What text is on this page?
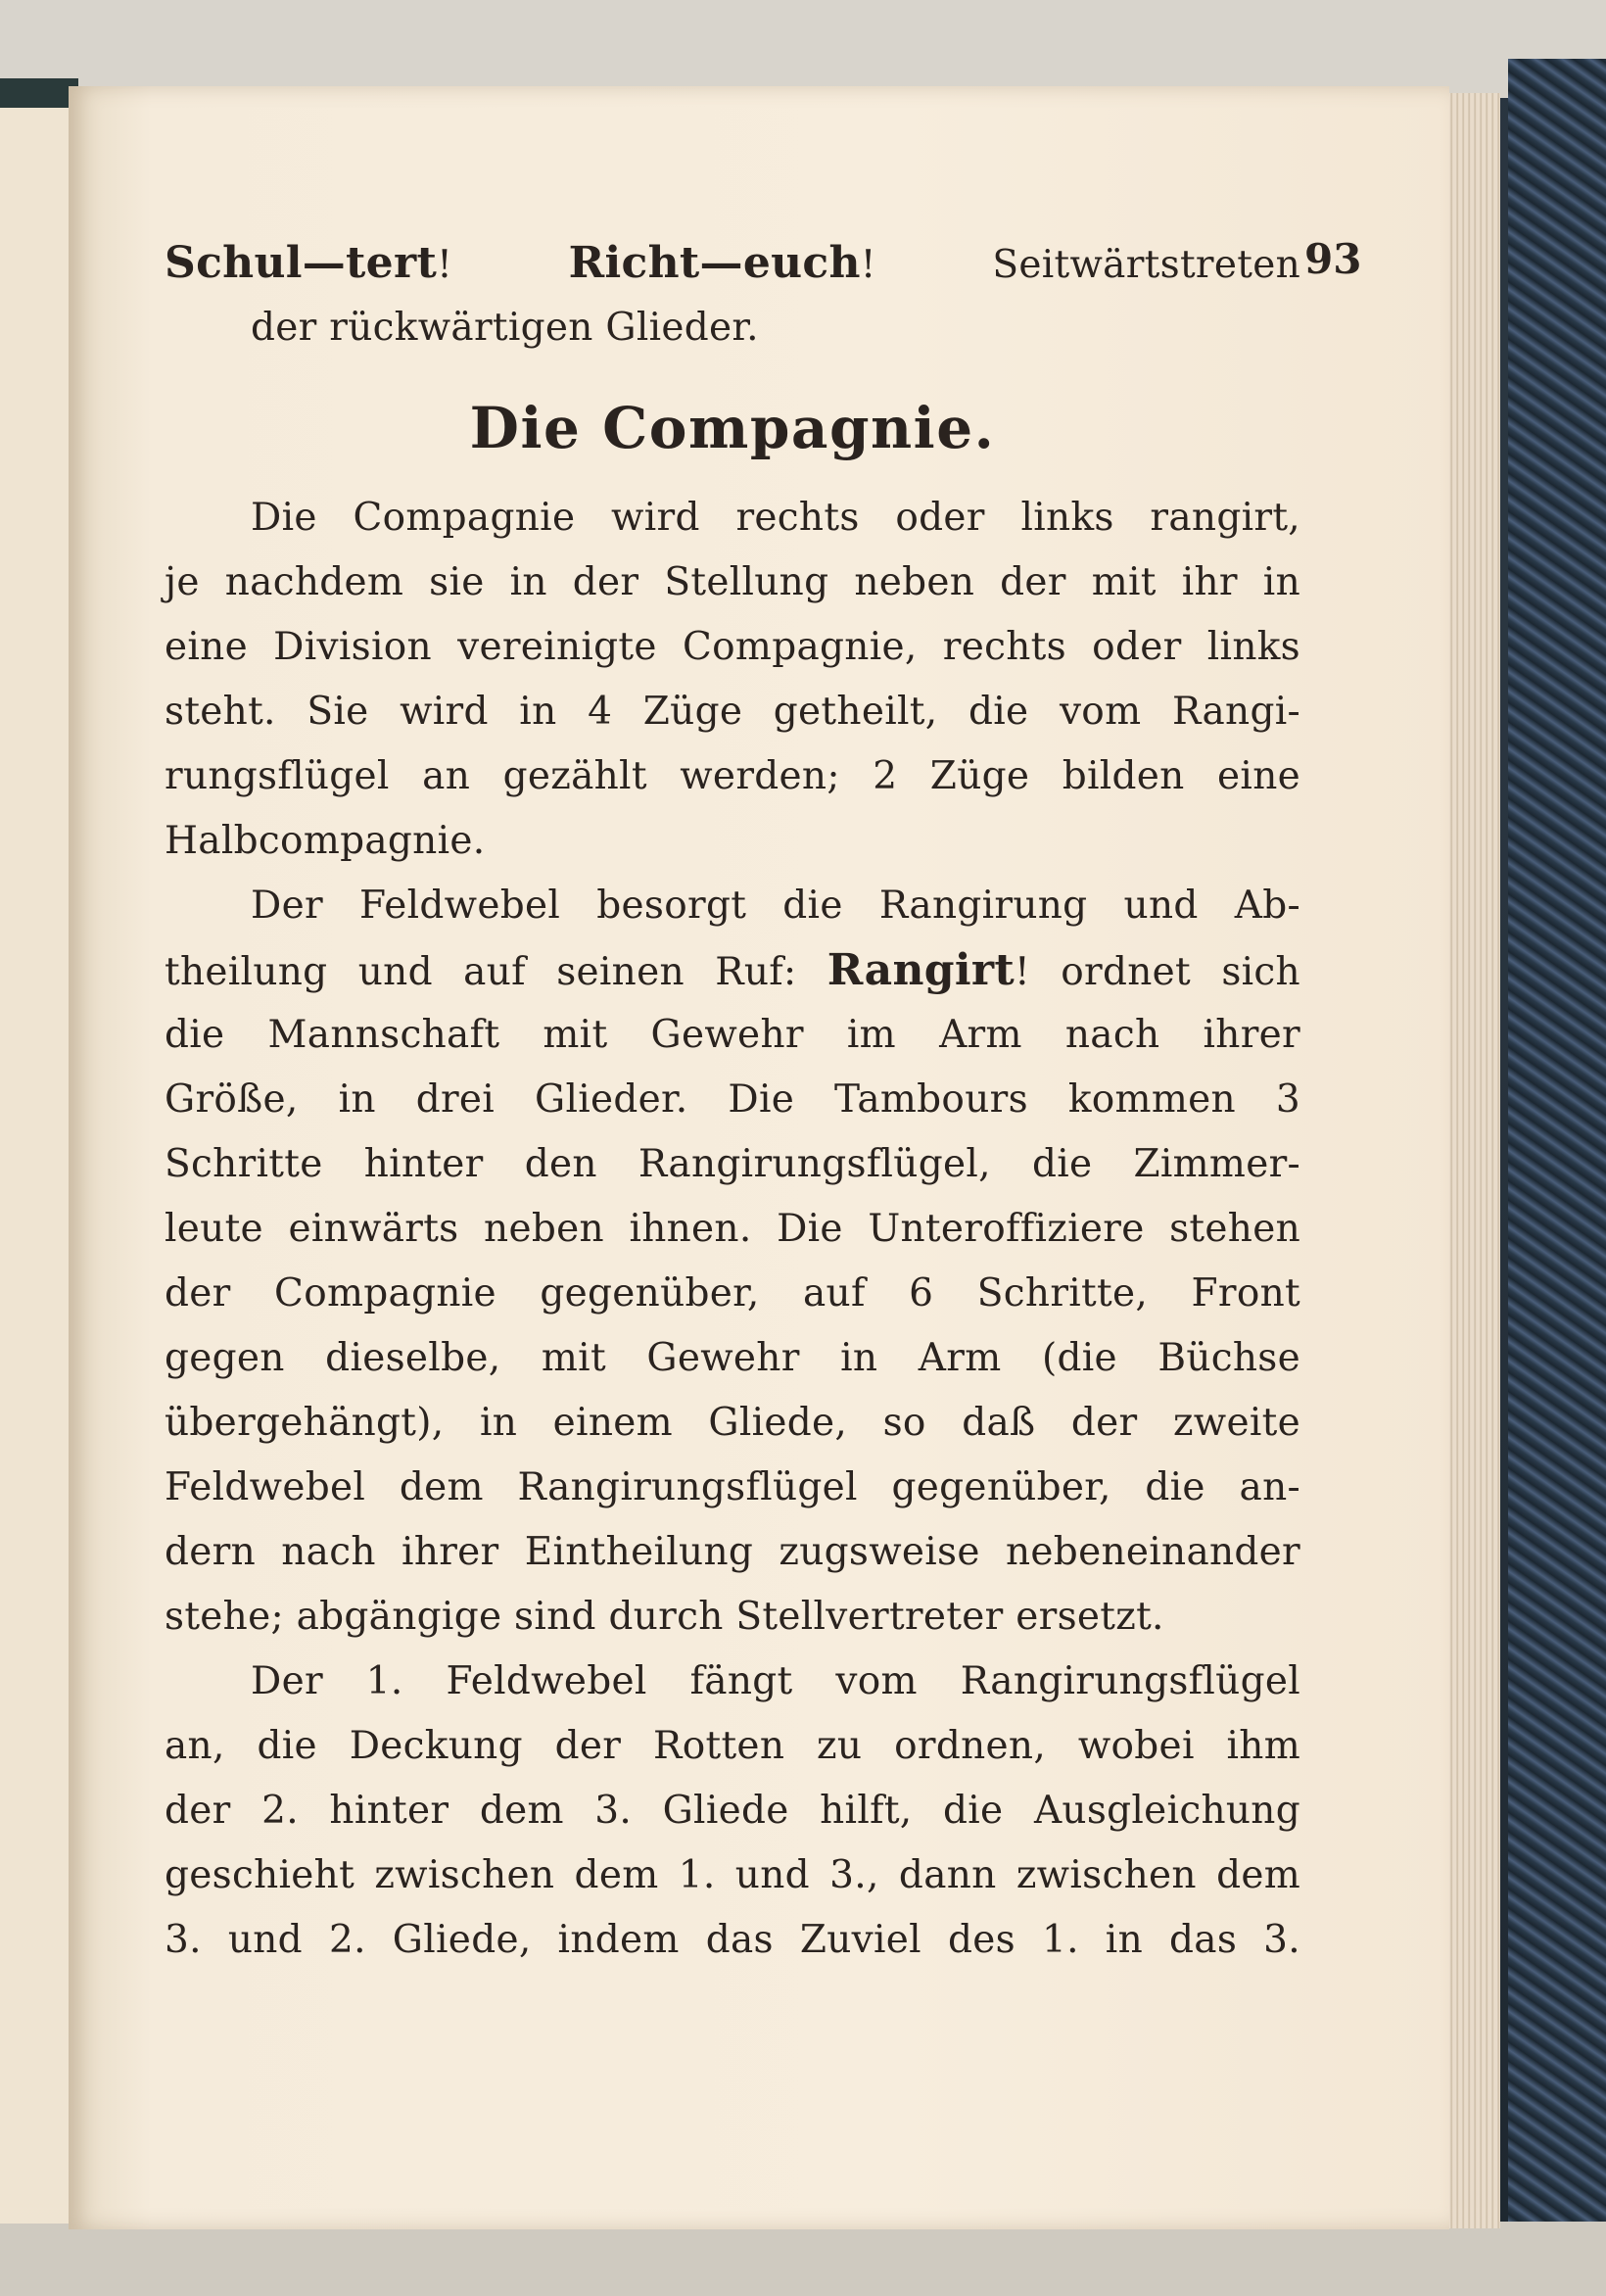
93
Schul—tert! Richt—euch! Seitwärtstreten
der rückwärtigen Glieder.
Die Compagnie.
Die Compagnie wird rechts oder links rangirt,
je nachdem sie in der Stellung neben der mit ihr in
eine Division vereinigte Compagnie, rechts oder links
steht. Sie wird in 4 Züge getheilt, die vom Rangi-
rungsflügel an gezählt werden; 2 Züge bilden eine
Halbcompagnie.
Der Feldwebel besorgt die Rangirung und Ab-
theilung und auf seinen Ruf: Rangirt! ordnet sich
die Mannschaft mit Gewehr im Arm nach ihrer
Größe, in drei Glieder. Die Tambours kommen 3
Schritte hinter den Rangirungsflügel, die Zimmer-
leute einwärts neben ihnen. Die Unteroffiziere stehen
der Compagnie gegenüber, auf 6 Schritte, Front
gegen dieselbe, mit Gewehr in Arm (die Büchse
übergehängt), in einem Gliede, so daß der zweite
Feldwebel dem Rangirungsflügel gegenüber, die an-
dern nach ihrer Eintheilung zugsweise nebeneinander
stehe; abgängige sind durch Stellvertreter ersetzt.
Der 1. Feldwebel fängt vom Rangirungsflügel
an, die Deckung der Rotten zu ordnen, wobei ihm
der 2. hinter dem 3. Gliede hilft, die Ausgleichung
geschieht zwischen dem 1. und 3., dann zwischen dem
3. und 2. Gliede, indem das Zuviel des 1. in das 3.
